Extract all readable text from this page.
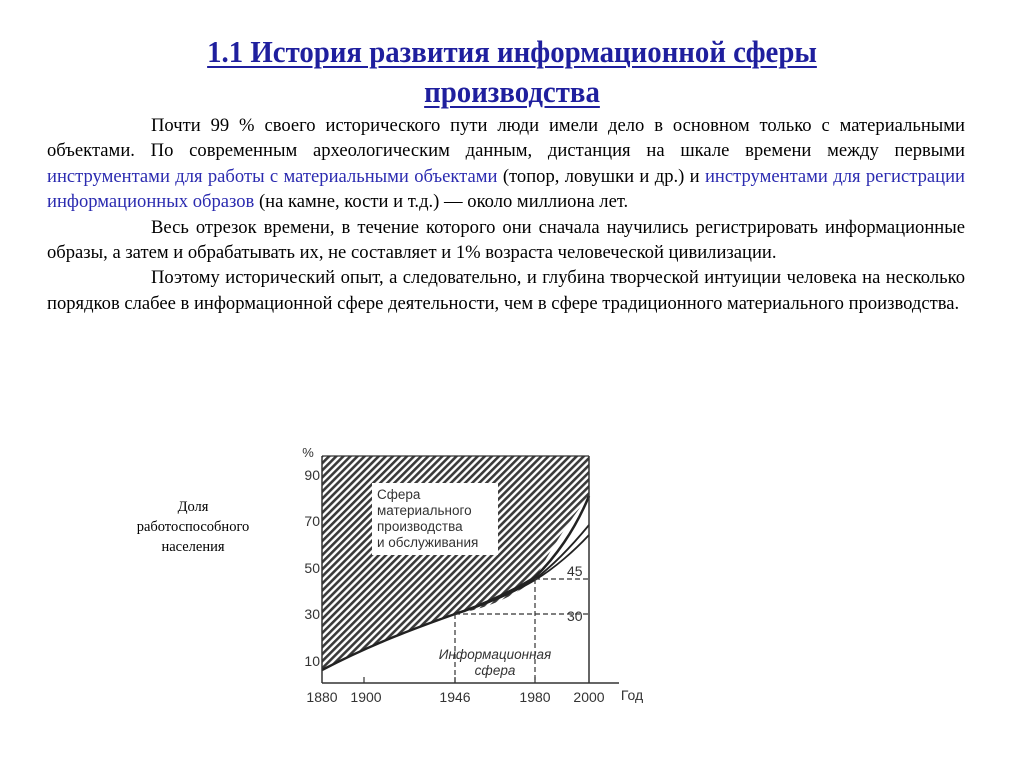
1.1 История развития информационной сферы
производства

Почти 99 % своего исторического пути люди имели дело в основном только с материальными объектами. По современным археологическим данным, дистанция на шкале времени между первыми инструментами для работы с материальными объектами (топор, ловушки и др.) и инструментами для регистрации информационных образов (на камне, кости и т.д.) — около миллиона лет.

Весь отрезок времени, в течение которого они сначала научились регистрировать информационные образы, а затем и обрабатывать их, не составляет и 1% возраста человеческой цивилизации.

Поэтому исторический опыт, а следовательно, и глубина творческой интуиции человека на несколько порядков слабее в информационной сфере деятельности, чем в сфере традиционного материального производства.

Доля
работоспособного
населения
Сфера
материального
производства
и обслуживания
45
30
Информационная
сфера
1880 1900	1946	1980 2000 Год
%
90
70
50
30
10
